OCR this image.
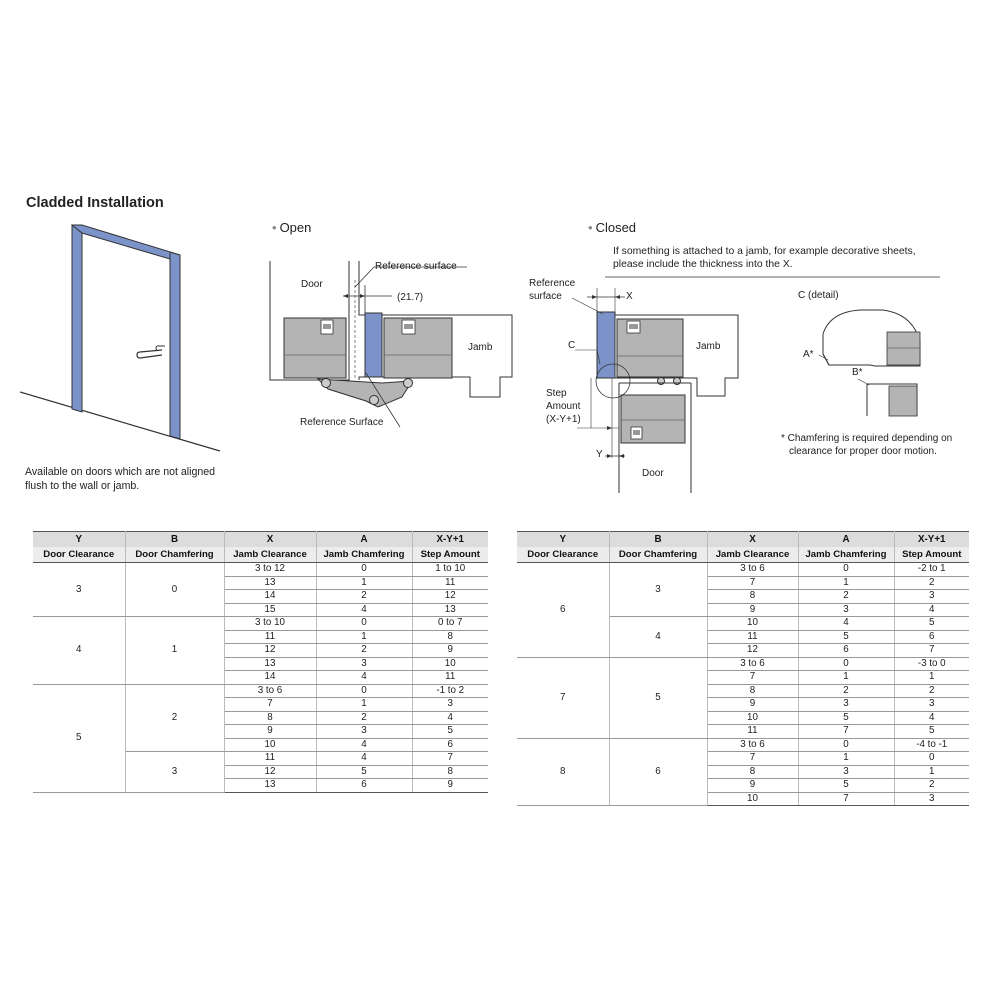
Cladded Installation
Available on doors which are not aligned
flush to the wall or jamb.
• Open
Door
Reference surface
(21.7)
Jamb
Reference Surface
• Closed
If something is attached to a jamb, for example decorative sheets,
please include the thickness into the X.
Reference
surface	X
C	Jamb
Step
Amount
(X-Y+1)
Y
Door
C (detail)
A*
B*
* Chamfering is required depending on
clearance for proper door motion.
Y	B	X	A	X-Y+1
Door Clearance	Door Chamfering	Jamb Clearance	Jamb Chamfering	Step Amount
3	0	3 to 12	0	1 to 10
		13	1	11
		14	2	12
		15	4	13
4	1	3 to 10	0	0 to 7
		11	1	8
		12	2	9
		13	3	10
		14	4	11
5	2	3 to 6	0	-1 to 2
		7	1	3
		8	2	4
		9	3	5
		10	4	6
	3	11	4	7
		12	5	8
		13	6	9
Y	B	X	A	X-Y+1
Door Clearance	Door Chamfering	Jamb Clearance	Jamb Chamfering	Step Amount
6	3	3 to 6	0	-2 to 1
		7	1	2
		8	2	3
		9	3	4
	4	10	4	5
		11	5	6
		12	6	7
7	5	3 to 6	0	-3 to 0
		7	1	1
		8	2	2
		9	3	3
		10	5	4
		11	7	5
8	6	3 to 6	0	-4 to -1
		7	1	0
		8	3	1
		9	5	2
		10	7	3
